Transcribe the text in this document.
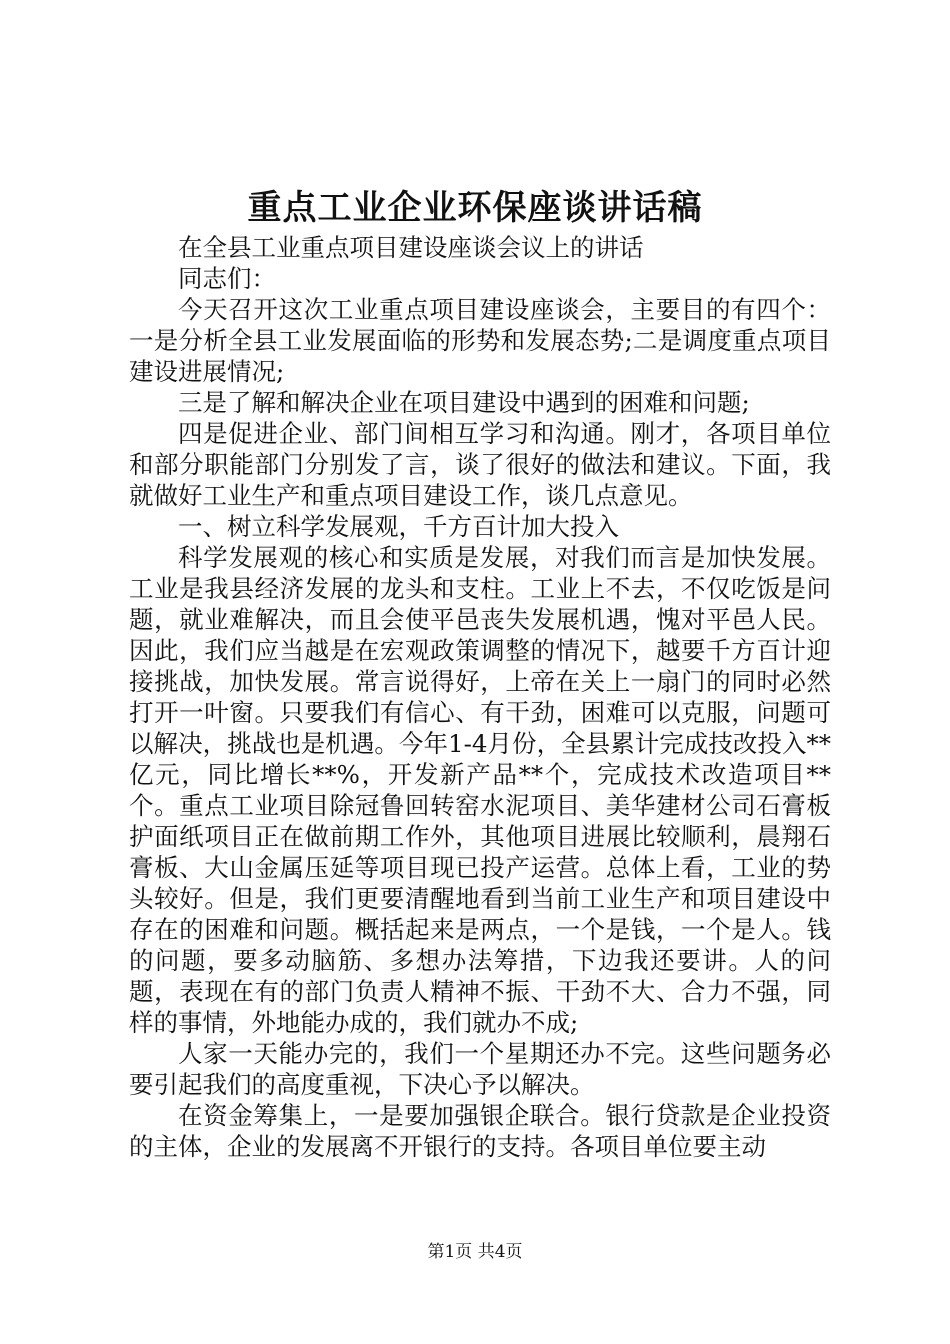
重点工业企业环保座谈讲话稿

在全县工业重点项目建设座谈会议上的讲话

同志们：

今天召开这次工业重点项目建设座谈会，主要目的有四个：一是分析全县工业发展面临的形势和发展态势;二是调度重点项目建设进展情况;

三是了解和解决企业在项目建设中遇到的困难和问题;

四是促进企业、部门间相互学习和沟通。刚才，各项目单位和部分职能部门分别发了言，谈了很好的做法和建议。下面，我就做好工业生产和重点项目建设工作，谈几点意见。

一、树立科学发展观，千方百计加大投入

科学发展观的核心和实质是发展，对我们而言是加快发展。工业是我县经济发展的龙头和支柱。工业上不去，不仅吃饭是问题，就业难解决，而且会使平邑丧失发展机遇，愧对平邑人民。因此，我们应当越是在宏观政策调整的情况下，越要千方百计迎接挑战，加快发展。常言说得好，上帝在关上一扇门的同时必然打开一叶窗。只要我们有信心、有干劲，困难可以克服，问题可以解决，挑战也是机遇。今年1-4月份，全县累计完成技改投入**亿元，同比增长**%，开发新产品**个，完成技术改造项目**个。重点工业项目除冠鲁回转窑水泥项目、美华建材公司石膏板护面纸项目正在做前期工作外，其他项目进展比较顺利，晨翔石膏板、大山金属压延等项目现已投产运营。总体上看，工业的势头较好。但是，我们更要清醒地看到当前工业生产和项目建设中存在的困难和问题。概括起来是两点，一个是钱，一个是人。钱的问题，要多动脑筋、多想办法筹措，下边我还要讲。人的问题，表现在有的部门负责人精神不振、干劲不大、合力不强，同样的事情，外地能办成的，我们就办不成;

人家一天能办完的，我们一个星期还办不完。这些问题务必要引起我们的高度重视，下决心予以解决。

在资金筹集上，一是要加强银企联合。银行贷款是企业投资的主体，企业的发展离不开银行的支持。各项目单位要主动

第1页 共4页
